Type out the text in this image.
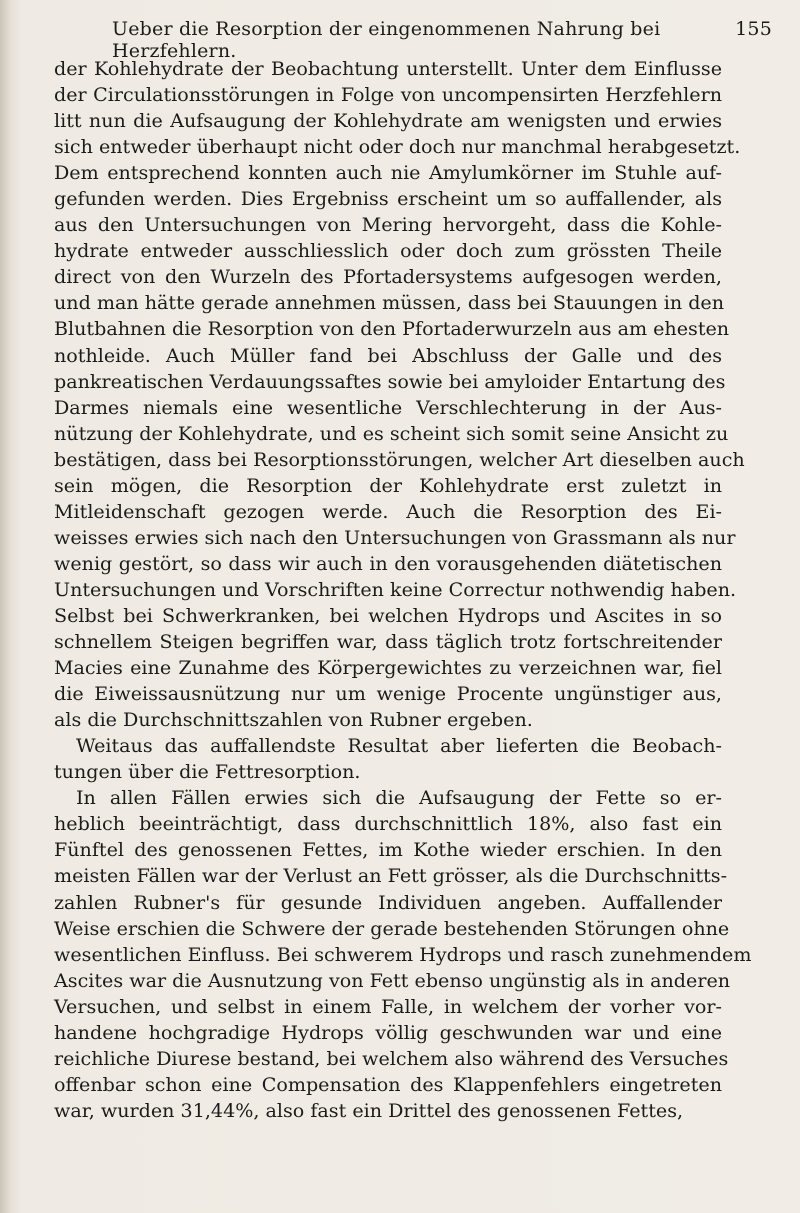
Ueber die Resorption der eingenommenen Nahrung bei Herzfehlern.
155
der Kohlehydrate der Beobachtung unterstellt. Unter dem Einflusse
der Circulationsstörungen in Folge von uncompensirten Herzfehlern
litt nun die Aufsaugung der Kohlehydrate am wenigsten und erwies
sich entweder überhaupt nicht oder doch nur manchmal herabgesetzt.
Dem entsprechend konnten auch nie Amylumkörner im Stuhle auf-
gefunden werden. Dies Ergebniss erscheint um so auffallender, als
aus den Untersuchungen von Mering hervorgeht, dass die Kohle-
hydrate entweder ausschliesslich oder doch zum grössten Theile
direct von den Wurzeln des Pfortadersystems aufgesogen werden,
und man hätte gerade annehmen müssen, dass bei Stauungen in den
Blutbahnen die Resorption von den Pfortaderwurzeln aus am ehesten
nothleide. Auch Müller fand bei Abschluss der Galle und des
pankreatischen Verdauungssaftes sowie bei amyloider Entartung des
Darmes niemals eine wesentliche Verschlechterung in der Aus-
nützung der Kohlehydrate, und es scheint sich somit seine Ansicht zu
bestätigen, dass bei Resorptionsstörungen, welcher Art dieselben auch
sein mögen, die Resorption der Kohlehydrate erst zuletzt in
Mitleidenschaft gezogen werde. Auch die Resorption des Ei-
weisses erwies sich nach den Untersuchungen von Grassmann als nur
wenig gestört, so dass wir auch in den vorausgehenden diätetischen
Untersuchungen und Vorschriften keine Correctur nothwendig haben.
Selbst bei Schwerkranken, bei welchen Hydrops und Ascites in so
schnellem Steigen begriffen war, dass täglich trotz fortschreitender
Macies eine Zunahme des Körpergewichtes zu verzeichnen war, fiel
die Eiweissausnützung nur um wenige Procente ungünstiger aus,
als die Durchschnittszahlen von Rubner ergeben.
Weitaus das auffallendste Resultat aber lieferten die Beobach-
tungen über die Fettresorption.
In allen Fällen erwies sich die Aufsaugung der Fette so er-
heblich beeinträchtigt, dass durchschnittlich 18%, also fast ein
Fünftel des genossenen Fettes, im Kothe wieder erschien. In den
meisten Fällen war der Verlust an Fett grösser, als die Durchschnitts-
zahlen Rubner's für gesunde Individuen angeben. Auffallender
Weise erschien die Schwere der gerade bestehenden Störungen ohne
wesentlichen Einfluss. Bei schwerem Hydrops und rasch zunehmendem
Ascites war die Ausnutzung von Fett ebenso ungünstig als in anderen
Versuchen, und selbst in einem Falle, in welchem der vorher vor-
handene hochgradige Hydrops völlig geschwunden war und eine
reichliche Diurese bestand, bei welchem also während des Versuches
offenbar schon eine Compensation des Klappenfehlers eingetreten
war, wurden 31,44%, also fast ein Drittel des genossenen Fettes,
